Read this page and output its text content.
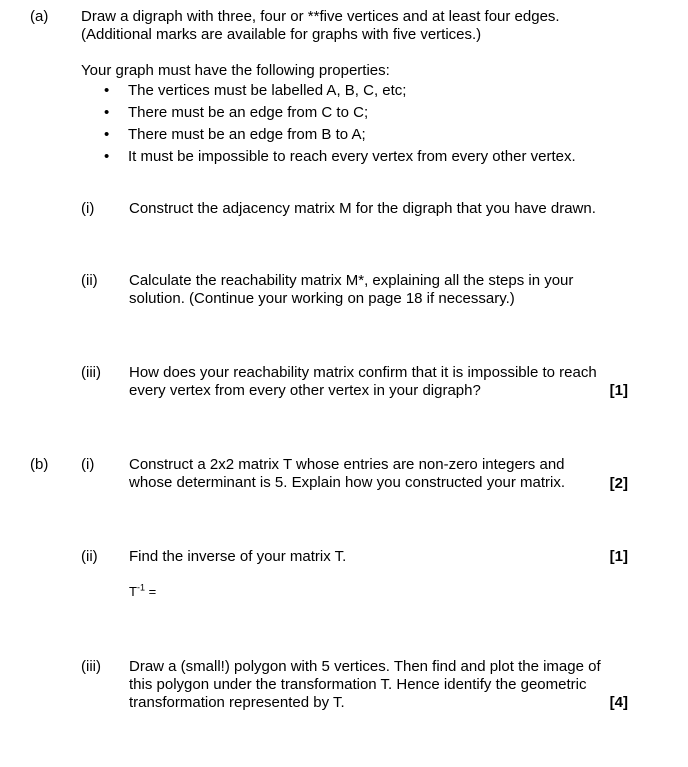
(a) Draw a digraph with three, four or **five vertices and at least four edges.
(Additional marks are available for graphs with five vertices.)
Your graph must have the following properties:
• The vertices must be labelled A, B, C, etc;
• There must be an edge from C to C;
• There must be an edge from B to A;
• It must be impossible to reach every vertex from every other vertex.
(i) Construct the adjacency matrix M for the digraph that you have drawn.
(ii) Calculate the reachability matrix M*, explaining all the steps in your
solution. (Continue your working on page 18 if necessary.)
(iii) How does your reachability matrix confirm that it is impossible to reach
every vertex from every other vertex in your digraph?	[1]
(b) (i) Construct a 2x2 matrix T whose entries are non-zero integers and
whose determinant is 5. Explain how you constructed your matrix.	[2]
(ii) Find the inverse of your matrix T.	[1]
$T^{-1}$ =
(iii) Draw a (small!) polygon with 5 vertices. Then find and plot the image of
this polygon under the transformation T. Hence identify the geometric
transformation represented by T.	[4]
